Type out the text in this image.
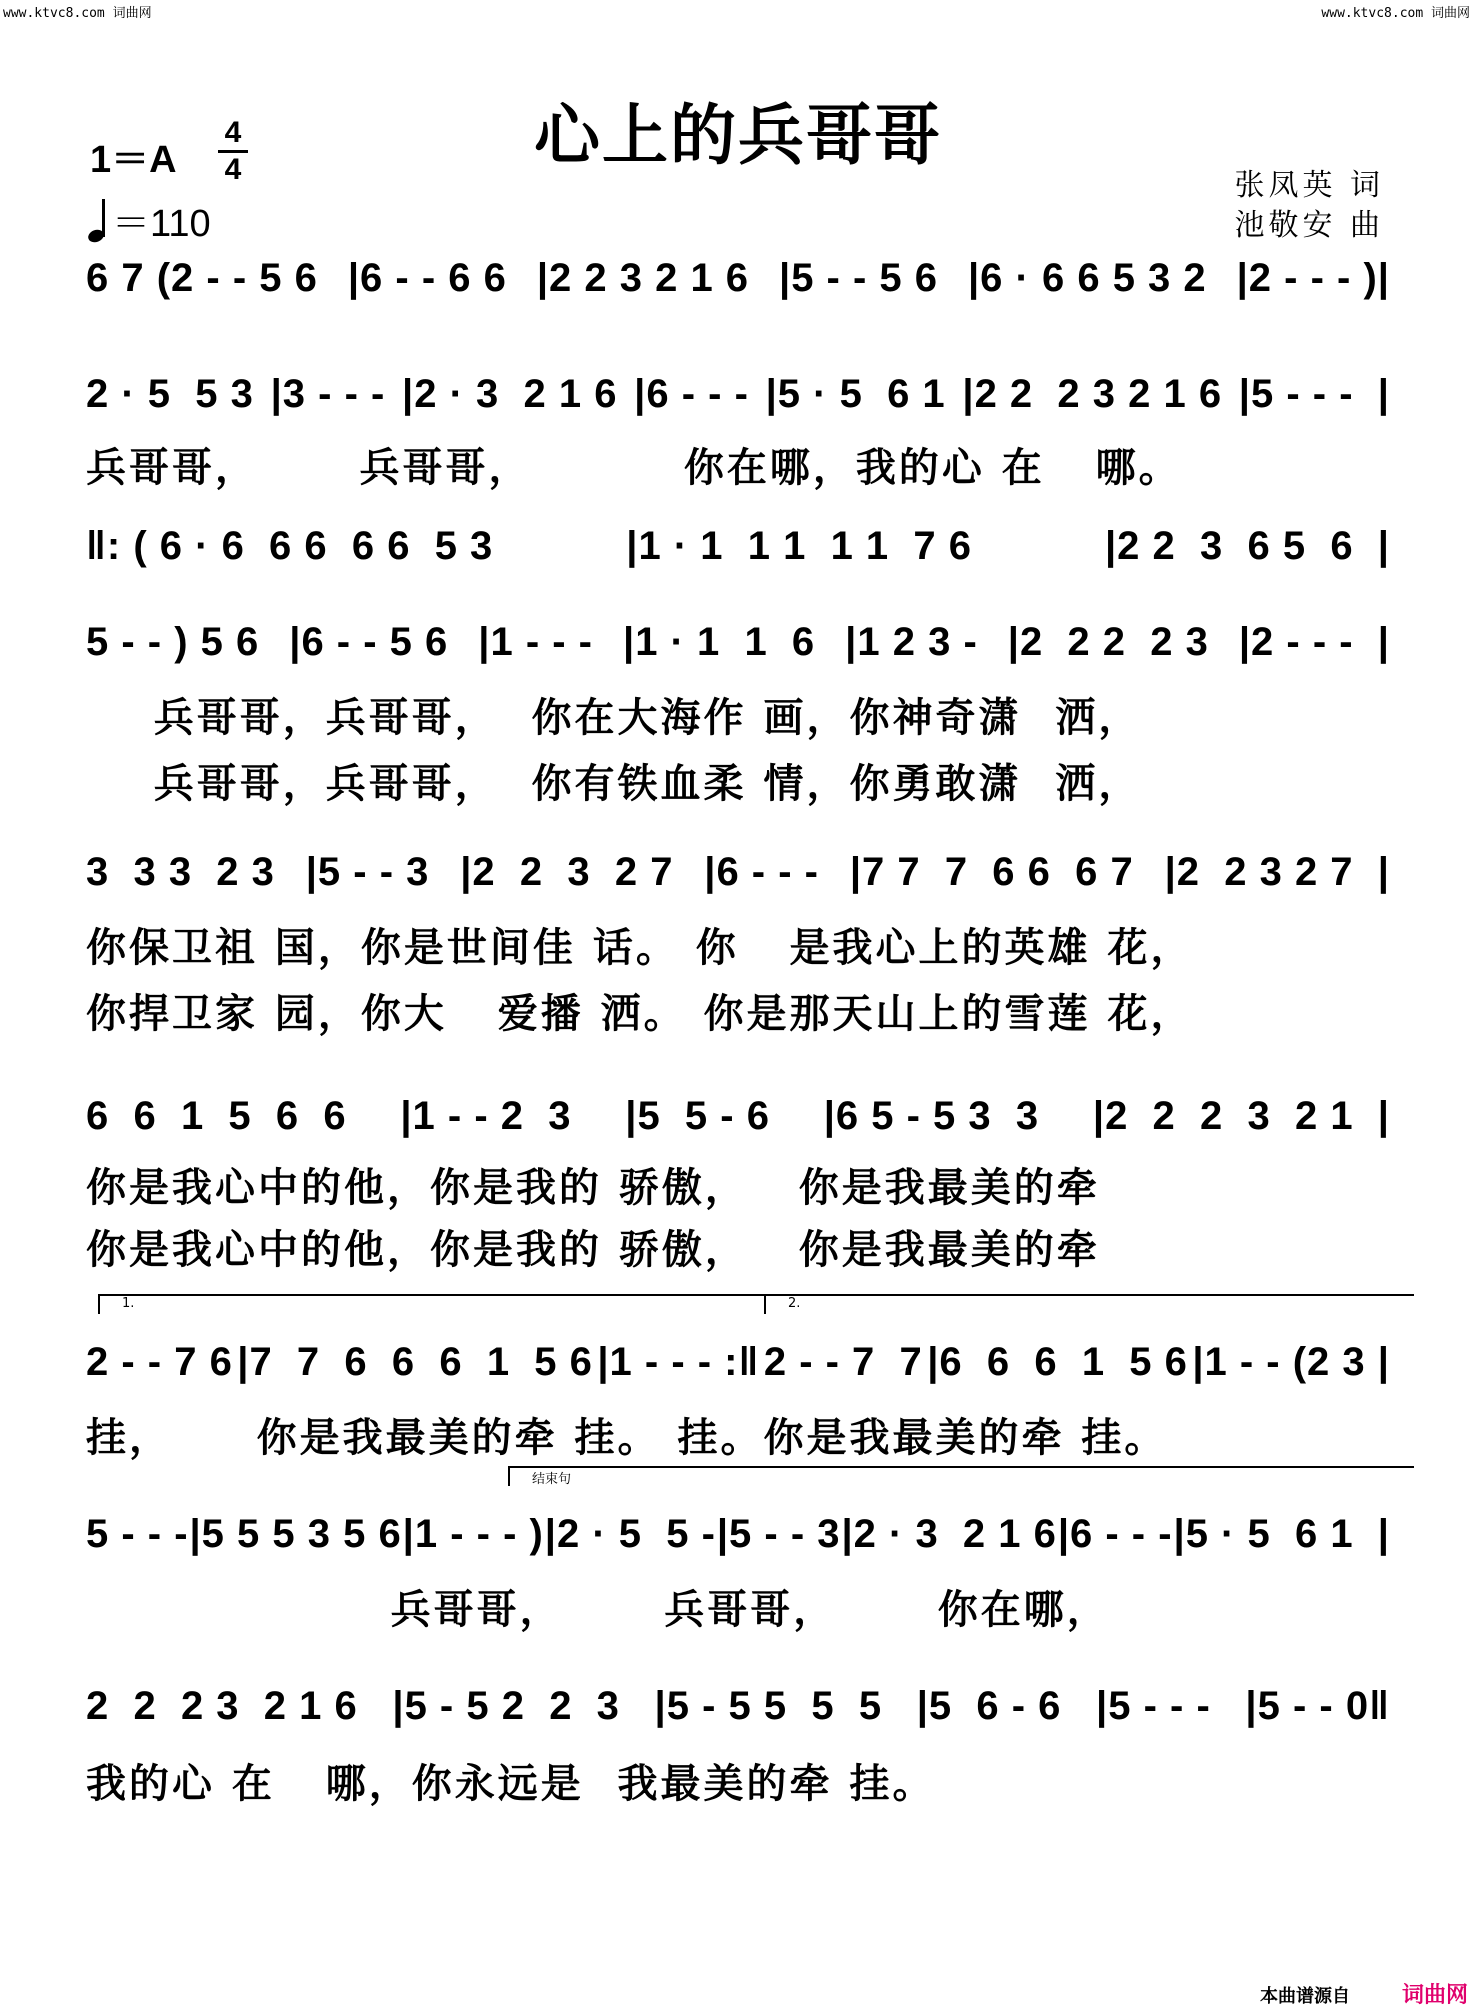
www.ktvc8.com 词曲网	www.ktvc8.com 词曲网
心上的兵哥哥
1＝A
4
4
＝110
张凤英 词
池敬安 曲
6 7 (2 - - 5 6 |6 - - 6 6 |2 2 3 2 1 6 |5 - - 5 6 |6 · 6 6 5 3 2 |2 - - - )|
2 · 5  5 3 |3 - - - |2 · 3  2 1 6 |6 - - - |5 · 5  6 1 |2 2  2 3 2 1 6 |5 - - -  |
兵哥哥，      兵哥哥，         你在哪，我的心 在   哪。
‖: ( 6 · 6  6 6  6 6  5 3	|1 · 1  1 1  1 1  7 6	|2 2  3  6 5  6  |
5 - - ) 5 6 |6 - - 5 6 |1 - - - |1 · 1  1  6 |1 2 3 - |2  2 2  2 3 |2 - - -  |
兵哥哥，兵哥哥，  你在大海作 画，你神奇潇  洒，
兵哥哥，兵哥哥，  你有铁血柔 情，你勇敢潇  洒，
3  3 3  2 3 |5 - - 3 |2  2  3  2 7 |6 - - - |7 7  7  6 6  6 7 |2  2 3 2 7  |
你保卫祖 国，你是世间佳 话。 你   是我心上的英雄 花，
你捍卫家 园，你大   爱播 洒。 你是那天山上的雪莲 花，
6  6  1  5  6  6 |1 - - 2  3 |5  5 - 6 |6 5 - 5 3  3 |2  2  2  3  2 1  |
你是我心中的他，你是我的 骄傲，   你是我最美的牵
你是我心中的他，你是我的 骄傲，   你是我最美的牵
1.	2.
2 - - 7 6 |7  7  6  6  6  1  5 6 |1 - - - :‖ 2 - - 7  7 |6  6  6  1  5 6 |1 - - (2 3 |
挂，     你是我最美的牵 挂。 挂。你是我最美的牵 挂。
结束句
5 - - - |5 5 5 3 5 6 |1 - - - ) |2 · 5  5 - |5 - - 3 |2 · 3  2 1 6 |6 - - - |5 · 5  6 1  |
兵哥哥，      兵哥哥，      你在哪，
2  2  2 3  2 1 6 |5 - 5 2  2  3 |5 - 5 5  5  5 |5  6 - 6 |5 - - - |5 - - 0‖
我的心 在   哪，你永远是  我最美的牵 挂。
本曲谱源自 词曲网
